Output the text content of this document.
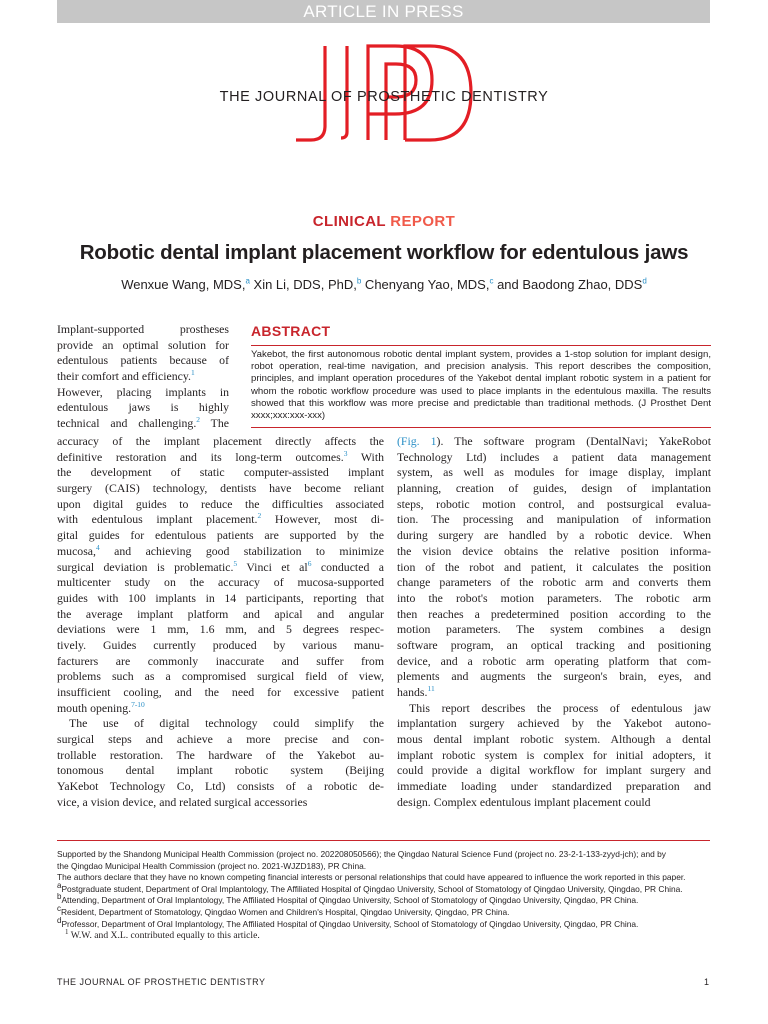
ARTICLE IN PRESS
THE JOURNAL OF PROSTHETIC DENTISTRY
CLINICAL REPORT
Robotic dental implant placement workflow for edentulous jaws
Wenxue Wang, MDS,$^a$ Xin Li, DDS, PhD,$^b$ Chenyang Yao, MDS,$^c$ and Baodong Zhao, DDS$^d$
ABSTRACT
Yakebot, the first autonomous robotic dental implant system, provides a 1-stop solution for implant design, robot operation, real-time navigation, and precision analysis. This report describes the composition, principles, and implant operation procedures of the Yakebot dental implant robotic system in a patient for whom the robotic workflow procedure was used to place implants in the edentulous maxilla. The results showed that this workflow was more precise and predictable than traditional methods. (J Prosthet Dent xxxx;xxx:xxx-xxx)
Implant-supported prostheses
provide an optimal solution for
edentulous patients because of
their comfort and efficiency.$^1$
However, placing implants in
edentulous jaws is highly
technical and challenging.$^2$ The
accuracy of the implant placement directly affects the
definitive restoration and its long-term outcomes.$^3$ With
the development of static computer-assisted implant
surgery (CAIS) technology, dentists have become reliant
upon digital guides to reduce the difficulties associated
with edentulous implant placement.$^2$ However, most di-
gital guides for edentulous patients are supported by the
mucosa,$^4$ and achieving good stabilization to minimize
surgical deviation is problematic.$^5$ Vinci et al$^6$ conducted a
multicenter study on the accuracy of mucosa-supported
guides with 100 implants in 14 participants, reporting that
the average implant platform and apical and angular
deviations were 1 mm, 1.6 mm, and 5 degrees respec-
tively. Guides currently produced by various manu-
facturers are commonly inaccurate and suffer from
problems such as a compromised surgical field of view,
insufficient cooling, and the need for excessive patient
mouth opening.$^{7-10}$
The use of digital technology could simplify the
surgical steps and achieve a more precise and con-
trollable restoration. The hardware of the Yakebot au-
tonomous dental implant robotic system (Beijing
YaKebot Technology Co, Ltd) consists of a robotic de-
vice, a vision device, and related surgical accessories
(Fig. 1). The software program (DentalNavi; YakeRobot
Technology Ltd) includes a patient data management
system, as well as modules for image display, implant
planning, creation of guides, design of implantation
steps, robotic motion control, and postsurgical evalua-
tion. The processing and manipulation of information
during surgery are handled by a robotic device. When
the vision device obtains the relative position informa-
tion of the robot and patient, it calculates the position
change parameters of the robotic arm and converts them
into the robot's motion parameters. The robotic arm
then reaches a predetermined position according to the
motion parameters. The system combines a design
software program, an optical tracking and positioning
device, and a robotic arm operating platform that com-
plements and augments the surgeon's brain, eyes, and
hands.$^{11}$
This report describes the process of edentulous jaw
implantation surgery achieved by the Yakebot autono-
mous dental implant robotic system. Although a dental
implant robotic system is complex for initial adopters, it
could provide a digital workflow for implant surgery and
immediate loading under standardized preparation and
design. Complex edentulous implant placement could
Supported by the Shandong Municipal Health Commission (project no. 202208050566); the Qingdao Natural Science Fund (project no. 23-2-1-133-zyyd-jch); and by
the Qingdao Municipal Health Commission (project no. 2021-WJZD183), PR China.
The authors declare that they have no known competing financial interests or personal relationships that could have appeared to influence the work reported in this paper.
$^a$Postgraduate student, Department of Oral Implantology, The Affiliated Hospital of Qingdao University, School of Stomatology of Qingdao University, Qingdao, PR China.
$^b$Attending, Department of Oral Implantology, The Affiliated Hospital of Qingdao University, School of Stomatology of Qingdao University, Qingdao, PR China.
$^c$Resident, Department of Stomatology, Qingdao Women and Children's Hospital, Qingdao University, Qingdao, PR China.
$^d$Professor, Department of Oral Implantology, The Affiliated Hospital of Qingdao University, School of Stomatology of Qingdao University, Qingdao, PR China.
$^1$ W.W. and X.L. contributed equally to this article.
THE JOURNAL OF PROSTHETIC DENTISTRY	1
